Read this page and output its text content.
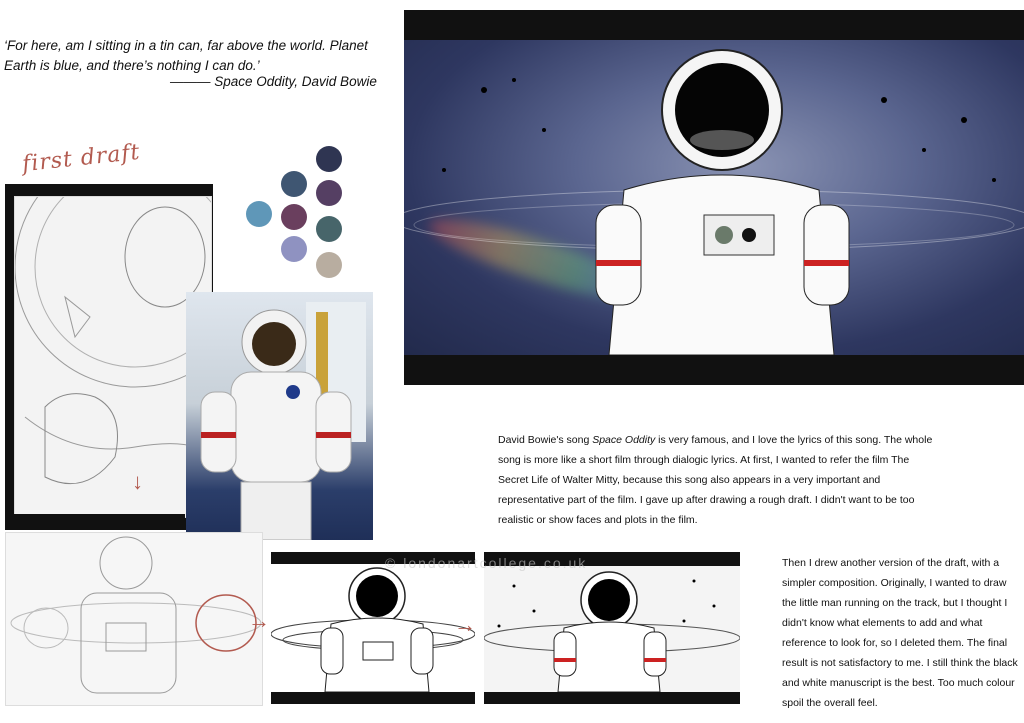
‘For here, am I sitting in a tin can, far above the world. Planet
Earth is blue, and there’s nothing I can do.’
——— Space Oddity, David Bowie
first draft
→
David Bowie's song Space Oddity is very famous, and I love the lyrics of this song. The whole song is more like a short film through dialogic lyrics. At first, I wanted to refer the film The Secret Life of Walter Mitty, because this song also appears in a very important and representative part of the film. I gave up after drawing a rough draft. I didn't want to be too realistic or show faces and plots in the film.
→	→
© londonartcollege.co.uk	Then I drew another version of the draft, with a simpler composition. Originally, I wanted to draw the little man running on the track, but I thought I didn't know what elements to add and what reference to look for, so I deleted them. The final result is not satisfactory to me. I still think the black and white manuscript is the best. Too much colour spoil the overall feel.
